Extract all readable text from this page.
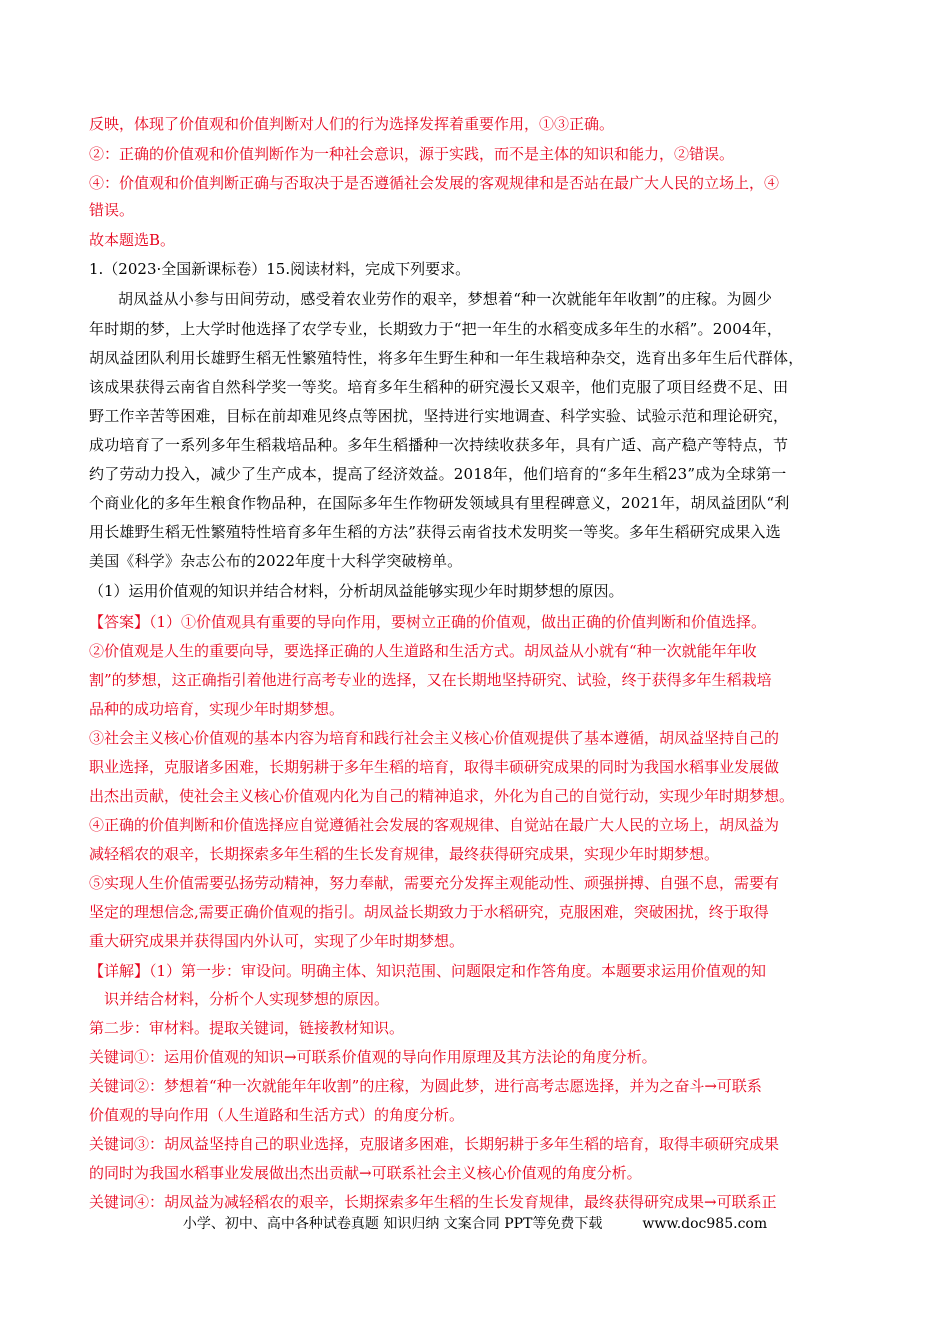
反映，体现了价值观和价值判断对人们的行为选择发挥着重要作用，①③正确。
②：正确的价值观和价值判断作为一种社会意识，源于实践，而不是主体的知识和能力，②错误。
④：价值观和价值判断正确与否取决于是否遵循社会发展的客观规律和是否站在最广大人民的立场上，④
错误。
故本题选B。
1.（2023·全国新课标卷）15.阅读材料，完成下列要求。
胡凤益从小参与田间劳动，感受着农业劳作的艰辛，梦想着“种一次就能年年收割”的庄稼。为圆少
年时期的梦，上大学时他选择了农学专业，长期致力于“把一年生的水稻变成多年生的水稻”。2004年，
胡凤益团队利用长雄野生稻无性繁殖特性，将多年生野生种和一年生栽培种杂交，选育出多年生后代群体，
该成果获得云南省自然科学奖一等奖。培育多年生稻种的研究漫长又艰辛，他们克服了项目经费不足、田
野工作辛苦等困难，目标在前却难见终点等困扰，坚持进行实地调查、科学实验、试验示范和理论研究，
成功培育了一系列多年生稻栽培品种。多年生稻播种一次持续收获多年，具有广适、高产稳产等特点，节
约了劳动力投入，减少了生产成本，提高了经济效益。2018年，他们培育的“多年生稻23”成为全球第一
个商业化的多年生粮食作物品种，在国际多年生作物研发领域具有里程碑意义，2021年，胡凤益团队“利
用长雄野生稻无性繁殖特性培育多年生稻的方法”获得云南省技术发明奖一等奖。多年生稻研究成果入选
美国《科学》杂志公布的2022年度十大科学突破榜单。
（1）运用价值观的知识并结合材料，分析胡凤益能够实现少年时期梦想的原因。
【答案】（1）①价值观具有重要的导向作用，要树立正确的价值观，做出正确的价值判断和价值选择。
②价值观是人生的重要向导，要选择正确的人生道路和生活方式。胡凤益从小就有“种一次就能年年收
割”的梦想，这正确指引着他进行高考专业的选择，又在长期地坚持研究、试验，终于获得多年生稻栽培
品种的成功培育，实现少年时期梦想。
③社会主义核心价值观的基本内容为培育和践行社会主义核心价值观提供了基本遵循，胡凤益坚持自己的
职业选择，克服诸多困难，长期躬耕于多年生稻的培育，取得丰硕研究成果的同时为我国水稻事业发展做
出杰出贡献，使社会主义核心价值观内化为自己的精神追求，外化为自己的自觉行动，实现少年时期梦想。
④正确的价值判断和价值选择应自觉遵循社会发展的客观规律、自觉站在最广大人民的立场上，胡凤益为
减轻稻农的艰辛，长期探索多年生稻的生长发育规律，最终获得研究成果，实现少年时期梦想。
⑤实现人生价值需要弘扬劳动精神，努力奉献，需要充分发挥主观能动性、顽强拼搏、自强不息，需要有
坚定的理想信念,需要正确价值观的指引。胡凤益长期致力于水稻研究，克服困难，突破困扰，终于取得
重大研究成果并获得国内外认可，实现了少年时期梦想。
【详解】（1）第一步：审设问。明确主体、知识范围、问题限定和作答角度。本题要求运用价值观的知
识并结合材料，分析个人实现梦想的原因。
第二步：审材料。提取关键词，链接教材知识。
关键词①：运用价值观的知识→可联系价值观的导向作用原理及其方法论的角度分析。
关键词②：梦想着“种一次就能年年收割”的庄稼，为圆此梦，进行高考志愿选择，并为之奋斗→可联系
价值观的导向作用（人生道路和生活方式）的角度分析。
关键词③：胡凤益坚持自己的职业选择，克服诸多困难，长期躬耕于多年生稻的培育，取得丰硕研究成果
的同时为我国水稻事业发展做出杰出贡献→可联系社会主义核心价值观的角度分析。
关键词④：胡凤益为减轻稻农的艰辛，长期探索多年生稻的生长发育规律，最终获得研究成果→可联系正
小学、初中、高中各种试卷真题 知识归纳 文案合同 PPT等免费下载	www.doc985.com
